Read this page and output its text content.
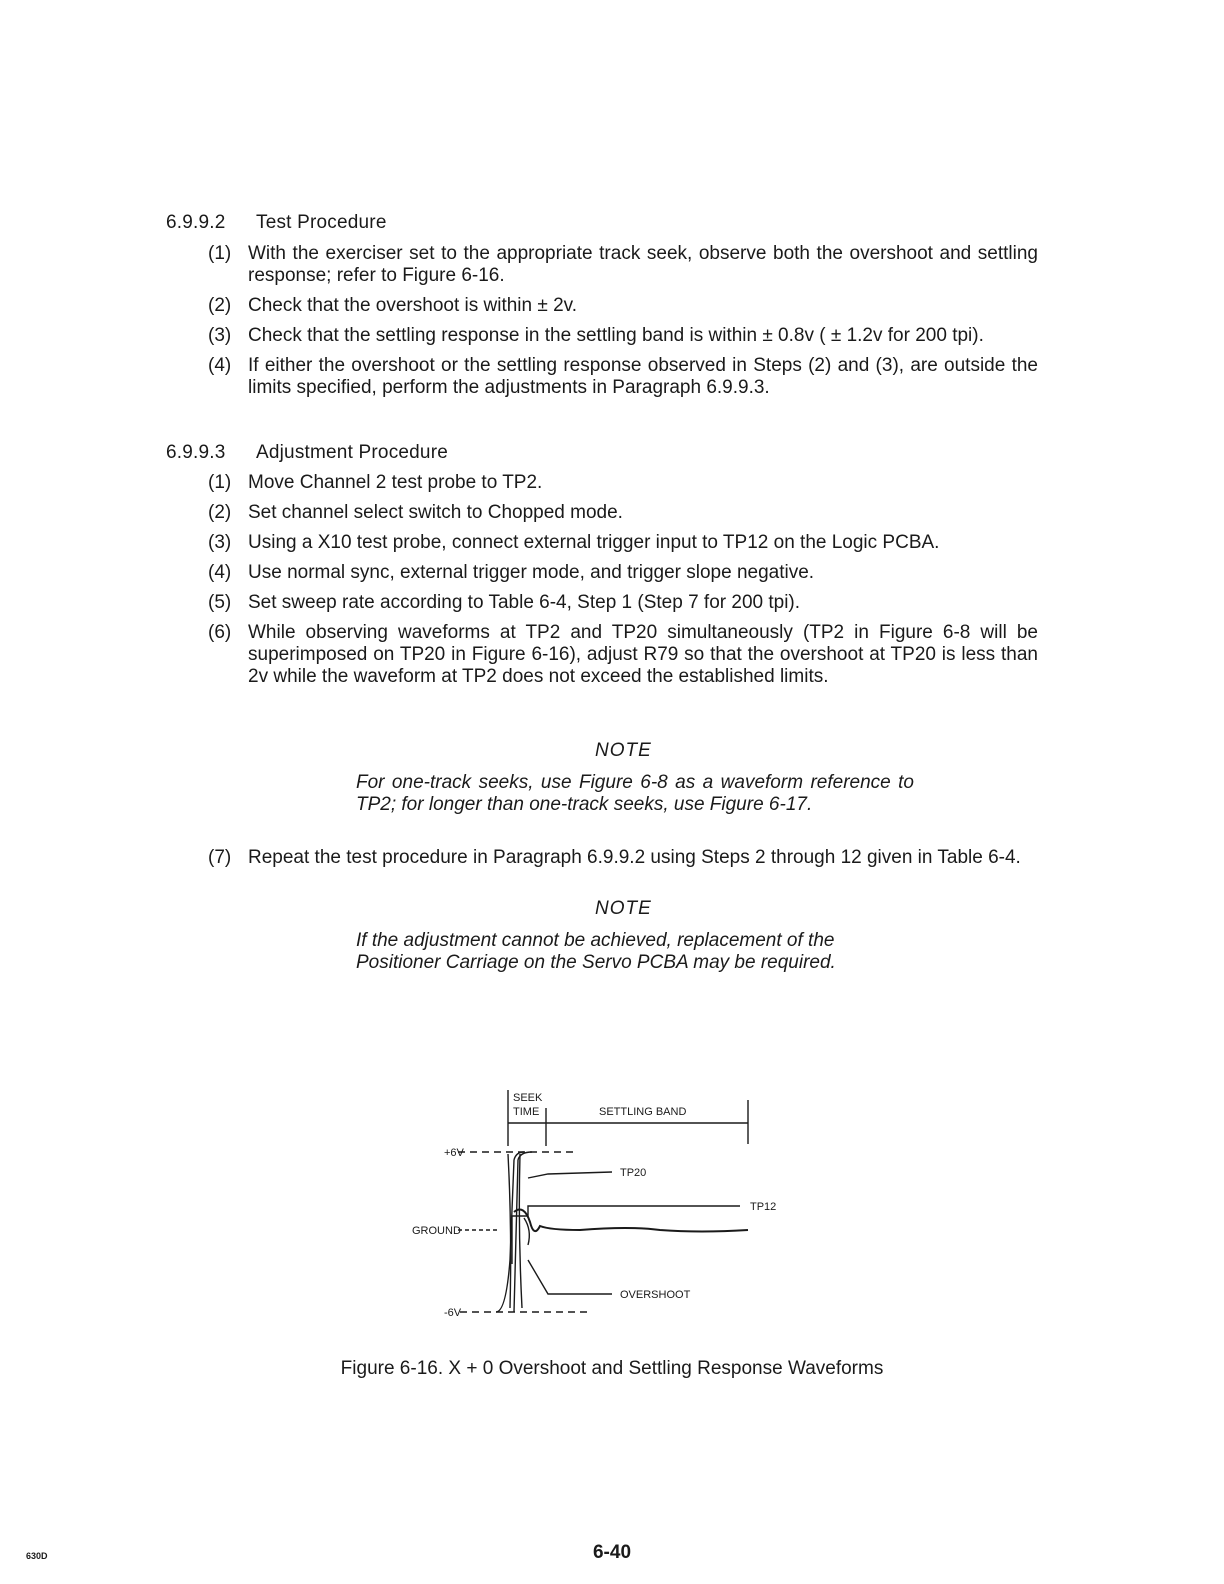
6.9.9.2 Test Procedure
(1) With the exerciser set to the appropriate track seek, observe both the overshoot and settling response; refer to Figure 6-16.
(2) Check that the overshoot is within ± 2v.
(3) Check that the settling response in the settling band is within ± 0.8v ( ± 1.2v for 200 tpi).
(4) If either the overshoot or the settling response observed in Steps (2) and (3), are outside the limits specified, perform the adjustments in Paragraph 6.9.9.3.
6.9.9.3 Adjustment Procedure
(1) Move Channel 2 test probe to TP2.
(2) Set channel select switch to Chopped mode.
(3) Using a X10 test probe, connect external trigger input to TP12 on the Logic PCBA.
(4) Use normal sync, external trigger mode, and trigger slope negative.
(5) Set sweep rate according to Table 6-4, Step 1 (Step 7 for 200 tpi).
(6) While observing waveforms at TP2 and TP20 simultaneously (TP2 in Figure 6-8 will be superimposed on TP20 in Figure 6-16), adjust R79 so that the overshoot at TP20 is less than 2v while the waveform at TP2 does not exceed the established limits.
NOTE
For one-track seeks, use Figure 6-8 as a waveform reference to TP2; for longer than one-track seeks, use Figure 6-17.
(7) Repeat the test procedure in Paragraph 6.9.9.2 using Steps 2 through 12 given in Table 6-4.
NOTE
If the adjustment cannot be achieved, replacement of the Positioner Carriage on the Servo PCBA may be required.
SEEK
TIME	SETTLING BAND
+6V
GROUND
-6V
TP20
TP12
OVERSHOOT
Figure 6-16. X + 0 Overshoot and Settling Response Waveforms
6-40
630D
